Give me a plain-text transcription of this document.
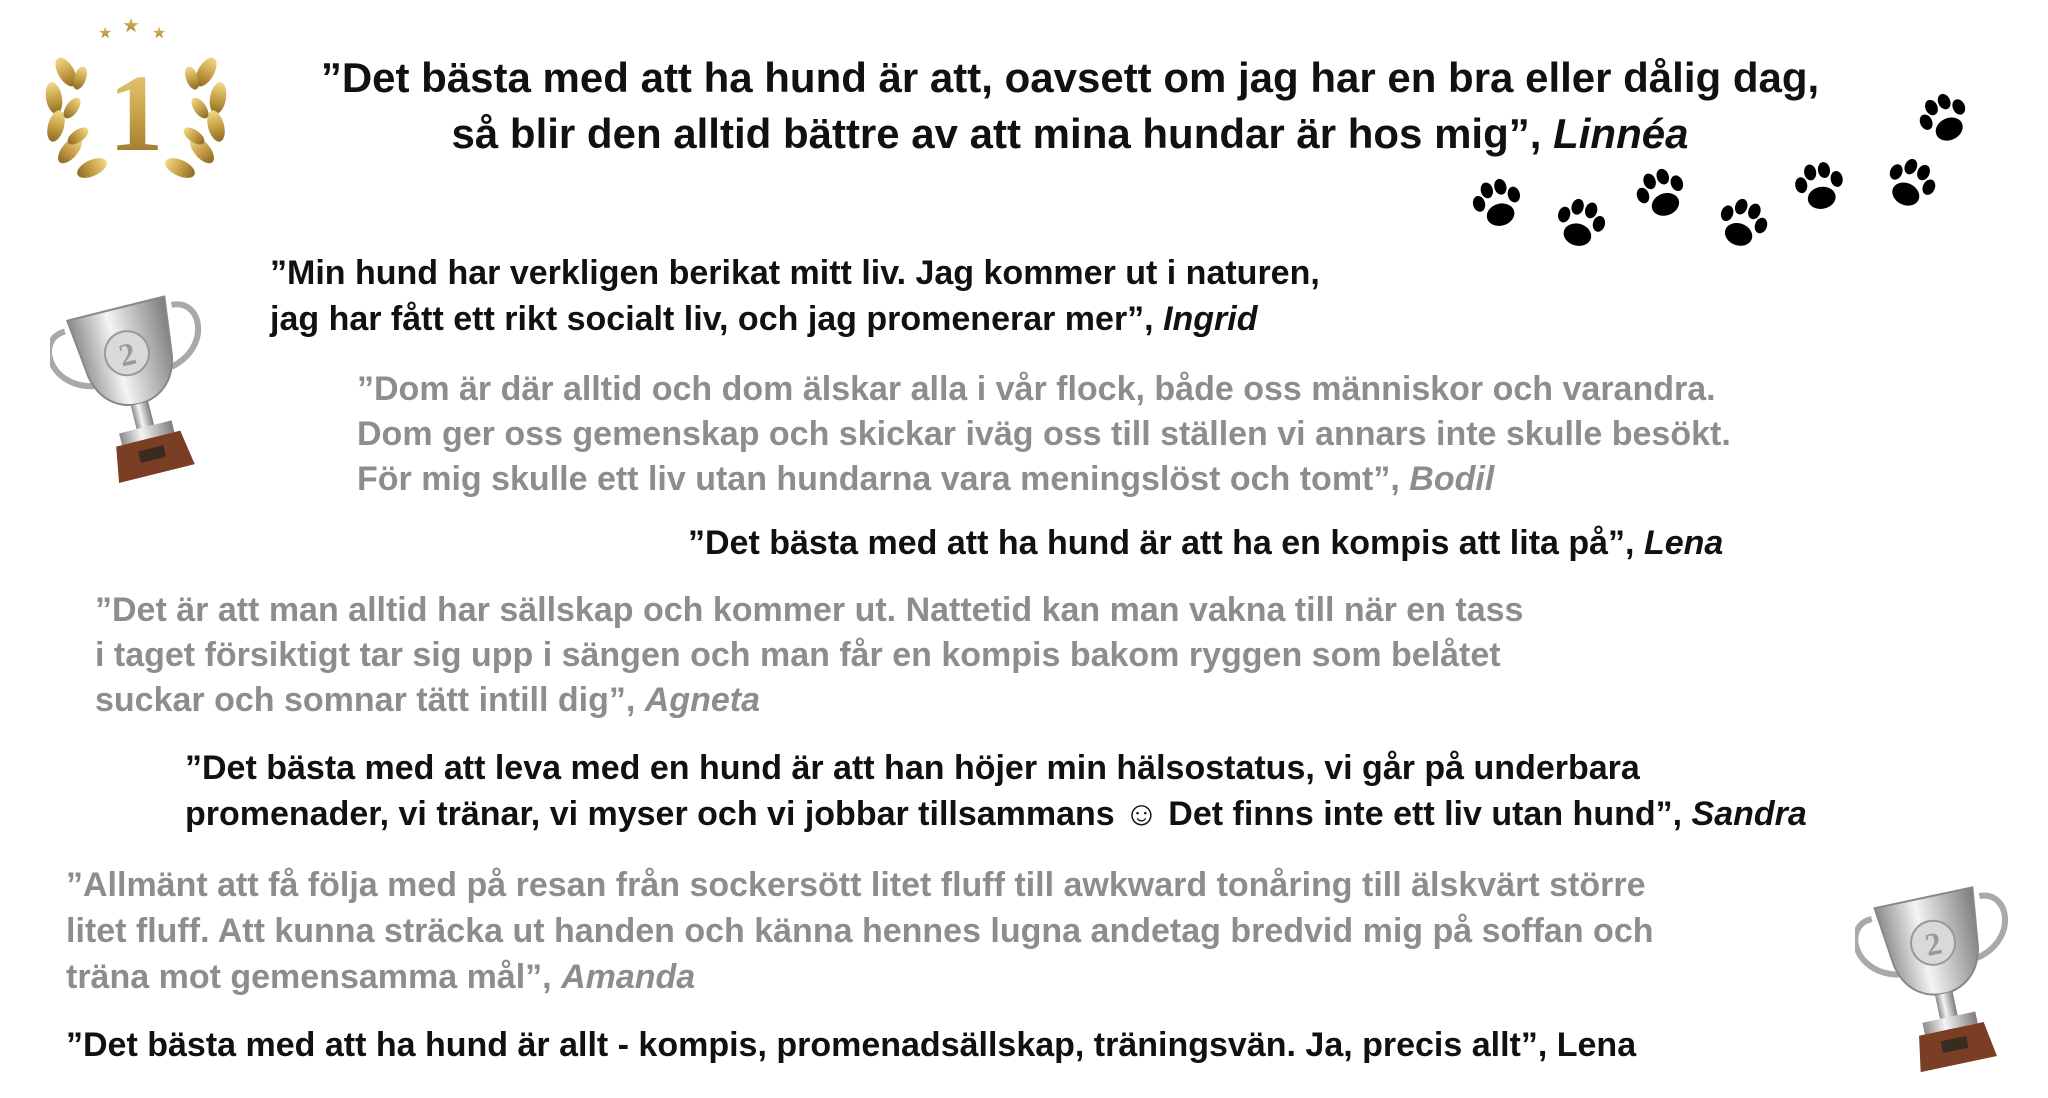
★ ★ ★
1
2
2
”Det bästa med att ha hund är att, oavsett om jag har en bra eller dålig dag,
så blir den alltid bättre av att mina hundar är hos mig”, Linnéa
”Min hund har verkligen berikat mitt liv. Jag kommer ut i naturen,
jag har fått ett rikt socialt liv, och jag promenerar mer”, Ingrid
”Dom är där alltid och dom älskar alla i vår flock, både oss människor och varandra.
Dom ger oss gemenskap och skickar iväg oss till ställen vi annars inte skulle besökt.
För mig skulle ett liv utan hundarna vara meningslöst och tomt”, Bodil
”Det bästa med att ha hund är att ha en kompis att lita på”, Lena
”Det är att man alltid har sällskap och kommer ut. Nattetid kan man vakna till när en tass
i taget försiktigt tar sig upp i sängen och man får en kompis bakom ryggen som belåtet
suckar och somnar tätt intill dig”, Agneta
”Det bästa med att leva med en hund är att han höjer min hälsostatus, vi går på underbara
promenader, vi tränar, vi myser och vi jobbar tillsammans ☺ Det finns inte ett liv utan hund”, Sandra
”Allmänt att få följa med på resan från sockersött litet fluff till awkward tonåring till älskvärt större
litet fluff. Att kunna sträcka ut handen och känna hennes lugna andetag bredvid mig på soffan och
träna mot gemensamma mål”, Amanda
”Det bästa med att ha hund är allt - kompis, promenadsällskap, träningsvän. Ja, precis allt”, Lena
